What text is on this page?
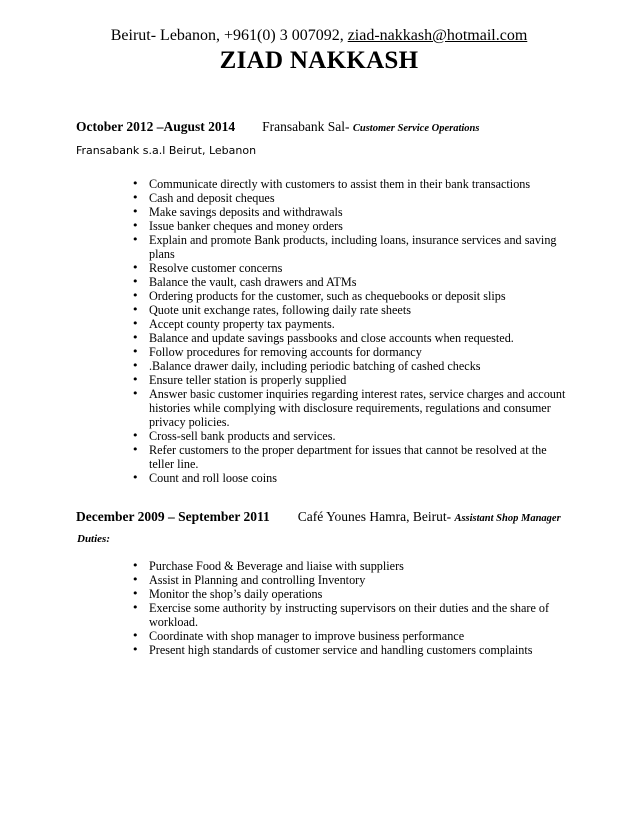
Beirut- Lebanon, +961(0) 3 007092, ziad-nakkash@hotmail.com
ZIAD NAKKASH
October 2012 –August 2014 Fransabank Sal- Customer Service Operations
Fransabank s.a.l Beirut, Lebanon
• Communicate directly with customers to assist them in their bank transactions
• Cash and deposit cheques
• Make savings deposits and withdrawals
• Issue banker cheques and money orders
• Explain and promote Bank products, including loans, insurance services and saving plans
• Resolve customer concerns
• Balance the vault, cash drawers and ATMs
• Ordering products for the customer, such as chequebooks or deposit slips
• Quote unit exchange rates, following daily rate sheets
• Accept county property tax payments.
• Balance and update savings passbooks and close accounts when requested.
• Follow procedures for removing accounts for dormancy
• .Balance drawer daily, including periodic batching of cashed checks
• Ensure teller station is properly supplied
• Answer basic customer inquiries regarding interest rates, service charges and account histories while complying with disclosure requirements, regulations and consumer privacy policies.
• Cross-sell bank products and services.
• Refer customers to the proper department for issues that cannot be resolved at the teller line.
• Count and roll loose coins
December 2009 – September 2011 Café Younes Hamra, Beirut- Assistant Shop Manager
Duties:
• Purchase Food & Beverage and liaise with suppliers
• Assist in Planning and controlling Inventory
• Monitor the shop’s daily operations
• Exercise some authority by instructing supervisors on their duties and the share of workload.
• Coordinate with shop manager to improve business performance
• Present high standards of customer service and handling customers complaints
